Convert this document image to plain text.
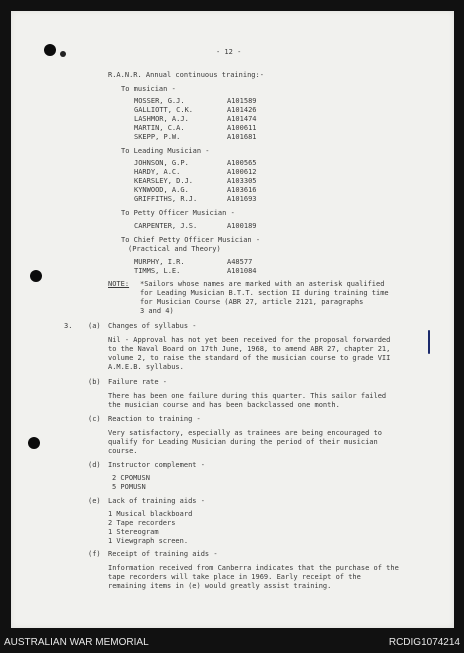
- 12 -
R.A.N.R. Annual continuous training:-
To musician -
MOSSER, G.J.	A101589
GALLIOTT, C.K.	A101426
LASHMOR, A.J.	A101474
MARTIN, C.A.	A100611
SKEPP, P.W.	A101681
To Leading Musician -
JOHNSON, G.P.	A100565
HARDY, A.C.	A100612
KEARSLEY, D.J.	A103305
KYNWOOD, A.G.	A103616
GRIFFITHS, R.J.	A101693
To Petty Officer Musician -
CARPENTER, J.S.	A100189
To Chief Petty Officer Musician -
(Practical and Theory)
MURPHY, I.R.	A48577
TIMMS, L.E.	A101084
NOTE: *Sailors whose names are marked with an asterisk qualified
for Leading Musician B.T.T. section II during training time
for Musician Course (ABR 27, article 2121, paragraphs
3 and 4)
3. (a) Changes of syllabus -
Nil - Approval has not yet been received for the proposal forwarded
to the Naval Board on 17th June, 1968, to amend ABR 27, chapter 21,
volume 2, to raise the standard of the musician course to grade VII
A.M.E.B. syllabus.
(b) Failure rate -
There has been one failure during this quarter. This sailor failed
the musician course and has been backclassed one month.
(c) Reaction to training -
Very satisfactory, especially as trainees are being encouraged to
qualify for Leading Musician during the period of their musician
course.
(d) Instructor complement -
2 CPOMUSN
5 POMUSN
(e) Lack of training aids -
1 Musical blackboard
2 Tape recorders
1 Stereogram
1 Viewgraph screen.
(f) Receipt of training aids -
Information received from Canberra indicates that the purchase of the
tape recorders will take place in 1969. Early receipt of the
remaining items in (e) would greatly assist training.
AUSTRALIAN WAR MEMORIAL	RCDIG1074214
